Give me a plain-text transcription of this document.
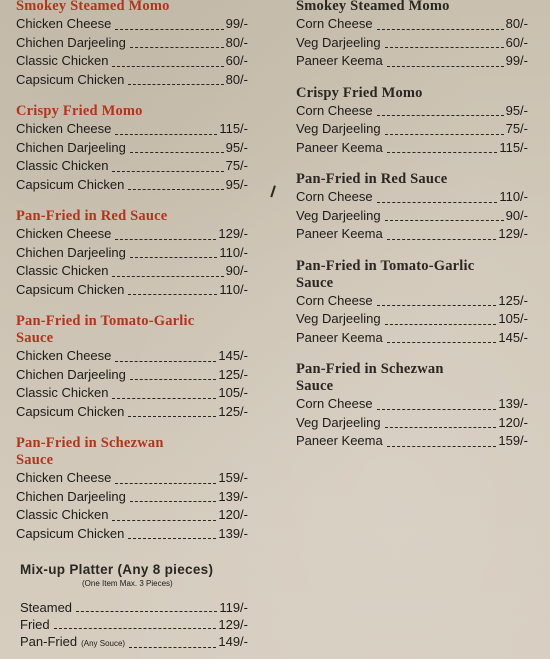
Smokey Steamed Momo
Chicken Cheese	99/-
Chichen Darjeeling	80/-
Classic Chicken	60/-
Capsicum Chicken	80/-
Crispy Fried Momo
Chicken Cheese	115/-
Chichen Darjeeling	95/-
Classic Chicken	75/-
Capsicum Chicken	95/-
Pan-Fried in Red Sauce
Chicken Cheese	129/-
Chichen Darjeeling	110/-
Classic Chicken	90/-
Capsicum Chicken	110/-
Pan-Fried in Tomato-Garlic
Sauce
Chicken Cheese	145/-
Chichen Darjeeling	125/-
Classic Chicken	105/-
Capsicum Chicken	125/-
Pan-Fried in Schezwan
Sauce
Chicken Cheese	159/-
Chichen Darjeeling	139/-
Classic Chicken	120/-
Capsicum Chicken	139/-
Mix-up Platter (Any 8 pieces)
(One Item Max. 3 Pieces)
Steamed	119/-
Fried	129/-
Pan-Fried (Any Souce)	149/-
Smokey Steamed Momo
Corn Cheese	80/-
Veg Darjeeling	60/-
Paneer Keema	99/-
Crispy Fried Momo
Corn Cheese	95/-
Veg Darjeeling	75/-
Paneer Keema	115/-
Pan-Fried in Red Sauce
Corn Cheese	110/-
Veg Darjeeling	90/-
Paneer Keema	129/-
Pan-Fried in Tomato-Garlic
Sauce
Corn Cheese	125/-
Veg Darjeeling	105/-
Paneer Keema	145/-
Pan-Fried in Schezwan
Sauce
Corn Cheese	139/-
Veg Darjeeling	120/-
Paneer Keema	159/-
